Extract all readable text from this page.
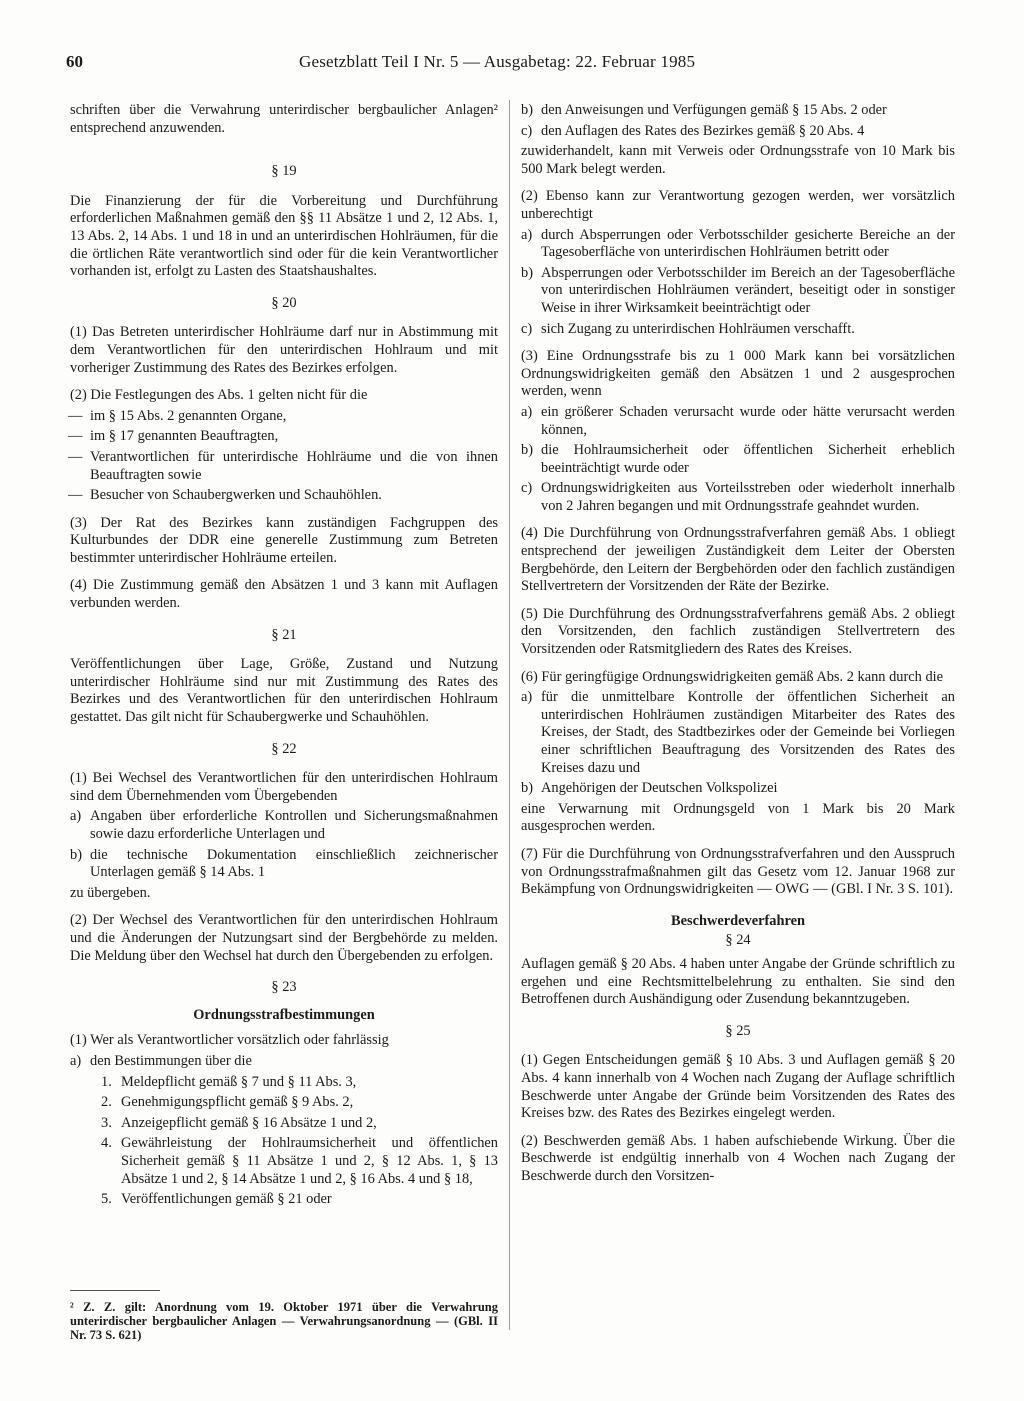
60	Gesetzblatt Teil I Nr. 5 — Ausgabetag: 22. Februar 1985

schriften über die Verwahrung unterirdischer bergbaulicher Anlagen² entsprechend anzuwenden.

§ 19

Die Finanzierung der für die Vorbereitung und Durchführung erforderlichen Maßnahmen gemäß den §§ 11 Absätze 1 und 2, 12 Abs. 1, 13 Abs. 2, 14 Abs. 1 und 18 in und an unterirdischen Hohlräumen, für die die örtlichen Räte verantwortlich sind oder für die kein Verantwortlicher vorhanden ist, erfolgt zu Lasten des Staatshaushaltes.

§ 20

(1) Das Betreten unterirdischer Hohlräume darf nur in Abstimmung mit dem Verantwortlichen für den unterirdischen Hohlraum und mit vorheriger Zustimmung des Rates des Bezirkes erfolgen.

(2) Die Festlegungen des Abs. 1 gelten nicht für die

— im § 15 Abs. 2 genannten Organe,
— im § 17 genannten Beauftragten,
— Verantwortlichen für unterirdische Hohlräume und die von ihnen Beauftragten sowie
— Besucher von Schaubergwerken und Schauhöhlen.

(3) Der Rat des Bezirkes kann zuständigen Fachgruppen des Kulturbundes der DDR eine generelle Zustimmung zum Betreten bestimmter unterirdischer Hohlräume erteilen.

(4) Die Zustimmung gemäß den Absätzen 1 und 3 kann mit Auflagen verbunden werden.

§ 21

Veröffentlichungen über Lage, Größe, Zustand und Nutzung unterirdischer Hohlräume sind nur mit Zustimmung des Rates des Bezirkes und des Verantwortlichen für den unterirdischen Hohlraum gestattet. Das gilt nicht für Schaubergwerke und Schauhöhlen.

§ 22

(1) Bei Wechsel des Verantwortlichen für den unterirdischen Hohlraum sind dem Übernehmenden vom Übergebenden

a) Angaben über erforderliche Kontrollen und Sicherungsmaßnahmen sowie dazu erforderliche Unterlagen und
b) die technische Dokumentation einschließlich zeichnerischer Unterlagen gemäß § 14 Abs. 1

zu übergeben.

(2) Der Wechsel des Verantwortlichen für den unterirdischen Hohlraum und die Änderungen der Nutzungsart sind der Bergbehörde zu melden. Die Meldung über den Wechsel hat durch den Übergebenden zu erfolgen.

§ 23
Ordnungsstrafbestimmungen

(1) Wer als Verantwortlicher vorsätzlich oder fahrlässig

a) den Bestimmungen über die
1. Meldepflicht gemäß § 7 und § 11 Abs. 3,
2. Genehmigungspflicht gemäß § 9 Abs. 2,
3. Anzeigepflicht gemäß § 16 Absätze 1 und 2,
4. Gewährleistung der Hohlraumsicherheit und öffentlichen Sicherheit gemäß § 11 Absätze 1 und 2, § 12 Abs. 1, § 13 Absätze 1 und 2, § 14 Absätze 1 und 2, § 16 Abs. 4 und § 18,
5. Veröffentlichungen gemäß § 21 oder
² Z. Z. gilt: Anordnung vom 19. Oktober 1971 über die Verwahrung unterirdischer bergbaulicher Anlagen — Verwahrungsanordnung — (GBl. II Nr. 73 S. 621)
b) den Anweisungen und Verfügungen gemäß § 15 Abs. 2 oder
c) den Auflagen des Rates des Bezirkes gemäß § 20 Abs. 4

zuwiderhandelt, kann mit Verweis oder Ordnungsstrafe von 10 Mark bis 500 Mark belegt werden.

(2) Ebenso kann zur Verantwortung gezogen werden, wer vorsätzlich unberechtigt

a) durch Absperrungen oder Verbotsschilder gesicherte Bereiche an der Tagesoberfläche von unterirdischen Hohlräumen betritt oder
b) Absperrungen oder Verbotsschilder im Bereich an der Tagesoberfläche von unterirdischen Hohlräumen verändert, beseitigt oder in sonstiger Weise in ihrer Wirksamkeit beeinträchtigt oder
c) sich Zugang zu unterirdischen Hohlräumen verschafft.

(3) Eine Ordnungsstrafe bis zu 1 000 Mark kann bei vorsätzlichen Ordnungswidrigkeiten gemäß den Absätzen 1 und 2 ausgesprochen werden, wenn

a) ein größerer Schaden verursacht wurde oder hätte verursacht werden können,
b) die Hohlraumsicherheit oder öffentlichen Sicherheit erheblich beeinträchtigt wurde oder
c) Ordnungswidrigkeiten aus Vorteilsstreben oder wiederholt innerhalb von 2 Jahren begangen und mit Ordnungsstrafe geahndet wurden.

(4) Die Durchführung von Ordnungsstrafverfahren gemäß Abs. 1 obliegt entsprechend der jeweiligen Zuständigkeit dem Leiter der Obersten Bergbehörde, den Leitern der Bergbehörden oder den fachlich zuständigen Stellvertretern der Vorsitzenden der Räte der Bezirke.

(5) Die Durchführung des Ordnungsstrafverfahrens gemäß Abs. 2 obliegt den Vorsitzenden, den fachlich zuständigen Stellvertretern des Vorsitzenden oder Ratsmitgliedern des Rates des Kreises.

(6) Für geringfügige Ordnungswidrigkeiten gemäß Abs. 2 kann durch die

a) für die unmittelbare Kontrolle der öffentlichen Sicherheit an unterirdischen Hohlräumen zuständigen Mitarbeiter des Rates des Kreises, der Stadt, des Stadtbezirkes oder der Gemeinde bei Vorliegen einer schriftlichen Beauftragung des Vorsitzenden des Rates des Kreises dazu und
b) Angehörigen der Deutschen Volkspolizei

eine Verwarnung mit Ordnungsgeld von 1 Mark bis 20 Mark ausgesprochen werden.

(7) Für die Durchführung von Ordnungsstrafverfahren und den Ausspruch von Ordnungsstrafmaßnahmen gilt das Gesetz vom 12. Januar 1968 zur Bekämpfung von Ordnungswidrigkeiten — OWG — (GBl. I Nr. 3 S. 101).

Beschwerdeverfahren
§ 24

Auflagen gemäß § 20 Abs. 4 haben unter Angabe der Gründe schriftlich zu ergehen und eine Rechtsmittelbelehrung zu enthalten. Sie sind den Betroffenen durch Aushändigung oder Zusendung bekanntzugeben.

§ 25

(1) Gegen Entscheidungen gemäß § 10 Abs. 3 und Auflagen gemäß § 20 Abs. 4 kann innerhalb von 4 Wochen nach Zugang der Auflage schriftlich Beschwerde unter Angabe der Gründe beim Vorsitzenden des Rates des Kreises bzw. des Rates des Bezirkes eingelegt werden.

(2) Beschwerden gemäß Abs. 1 haben aufschiebende Wirkung. Über die Beschwerde ist endgültig innerhalb von 4 Wochen nach Zugang der Beschwerde durch den Vorsitzen-
